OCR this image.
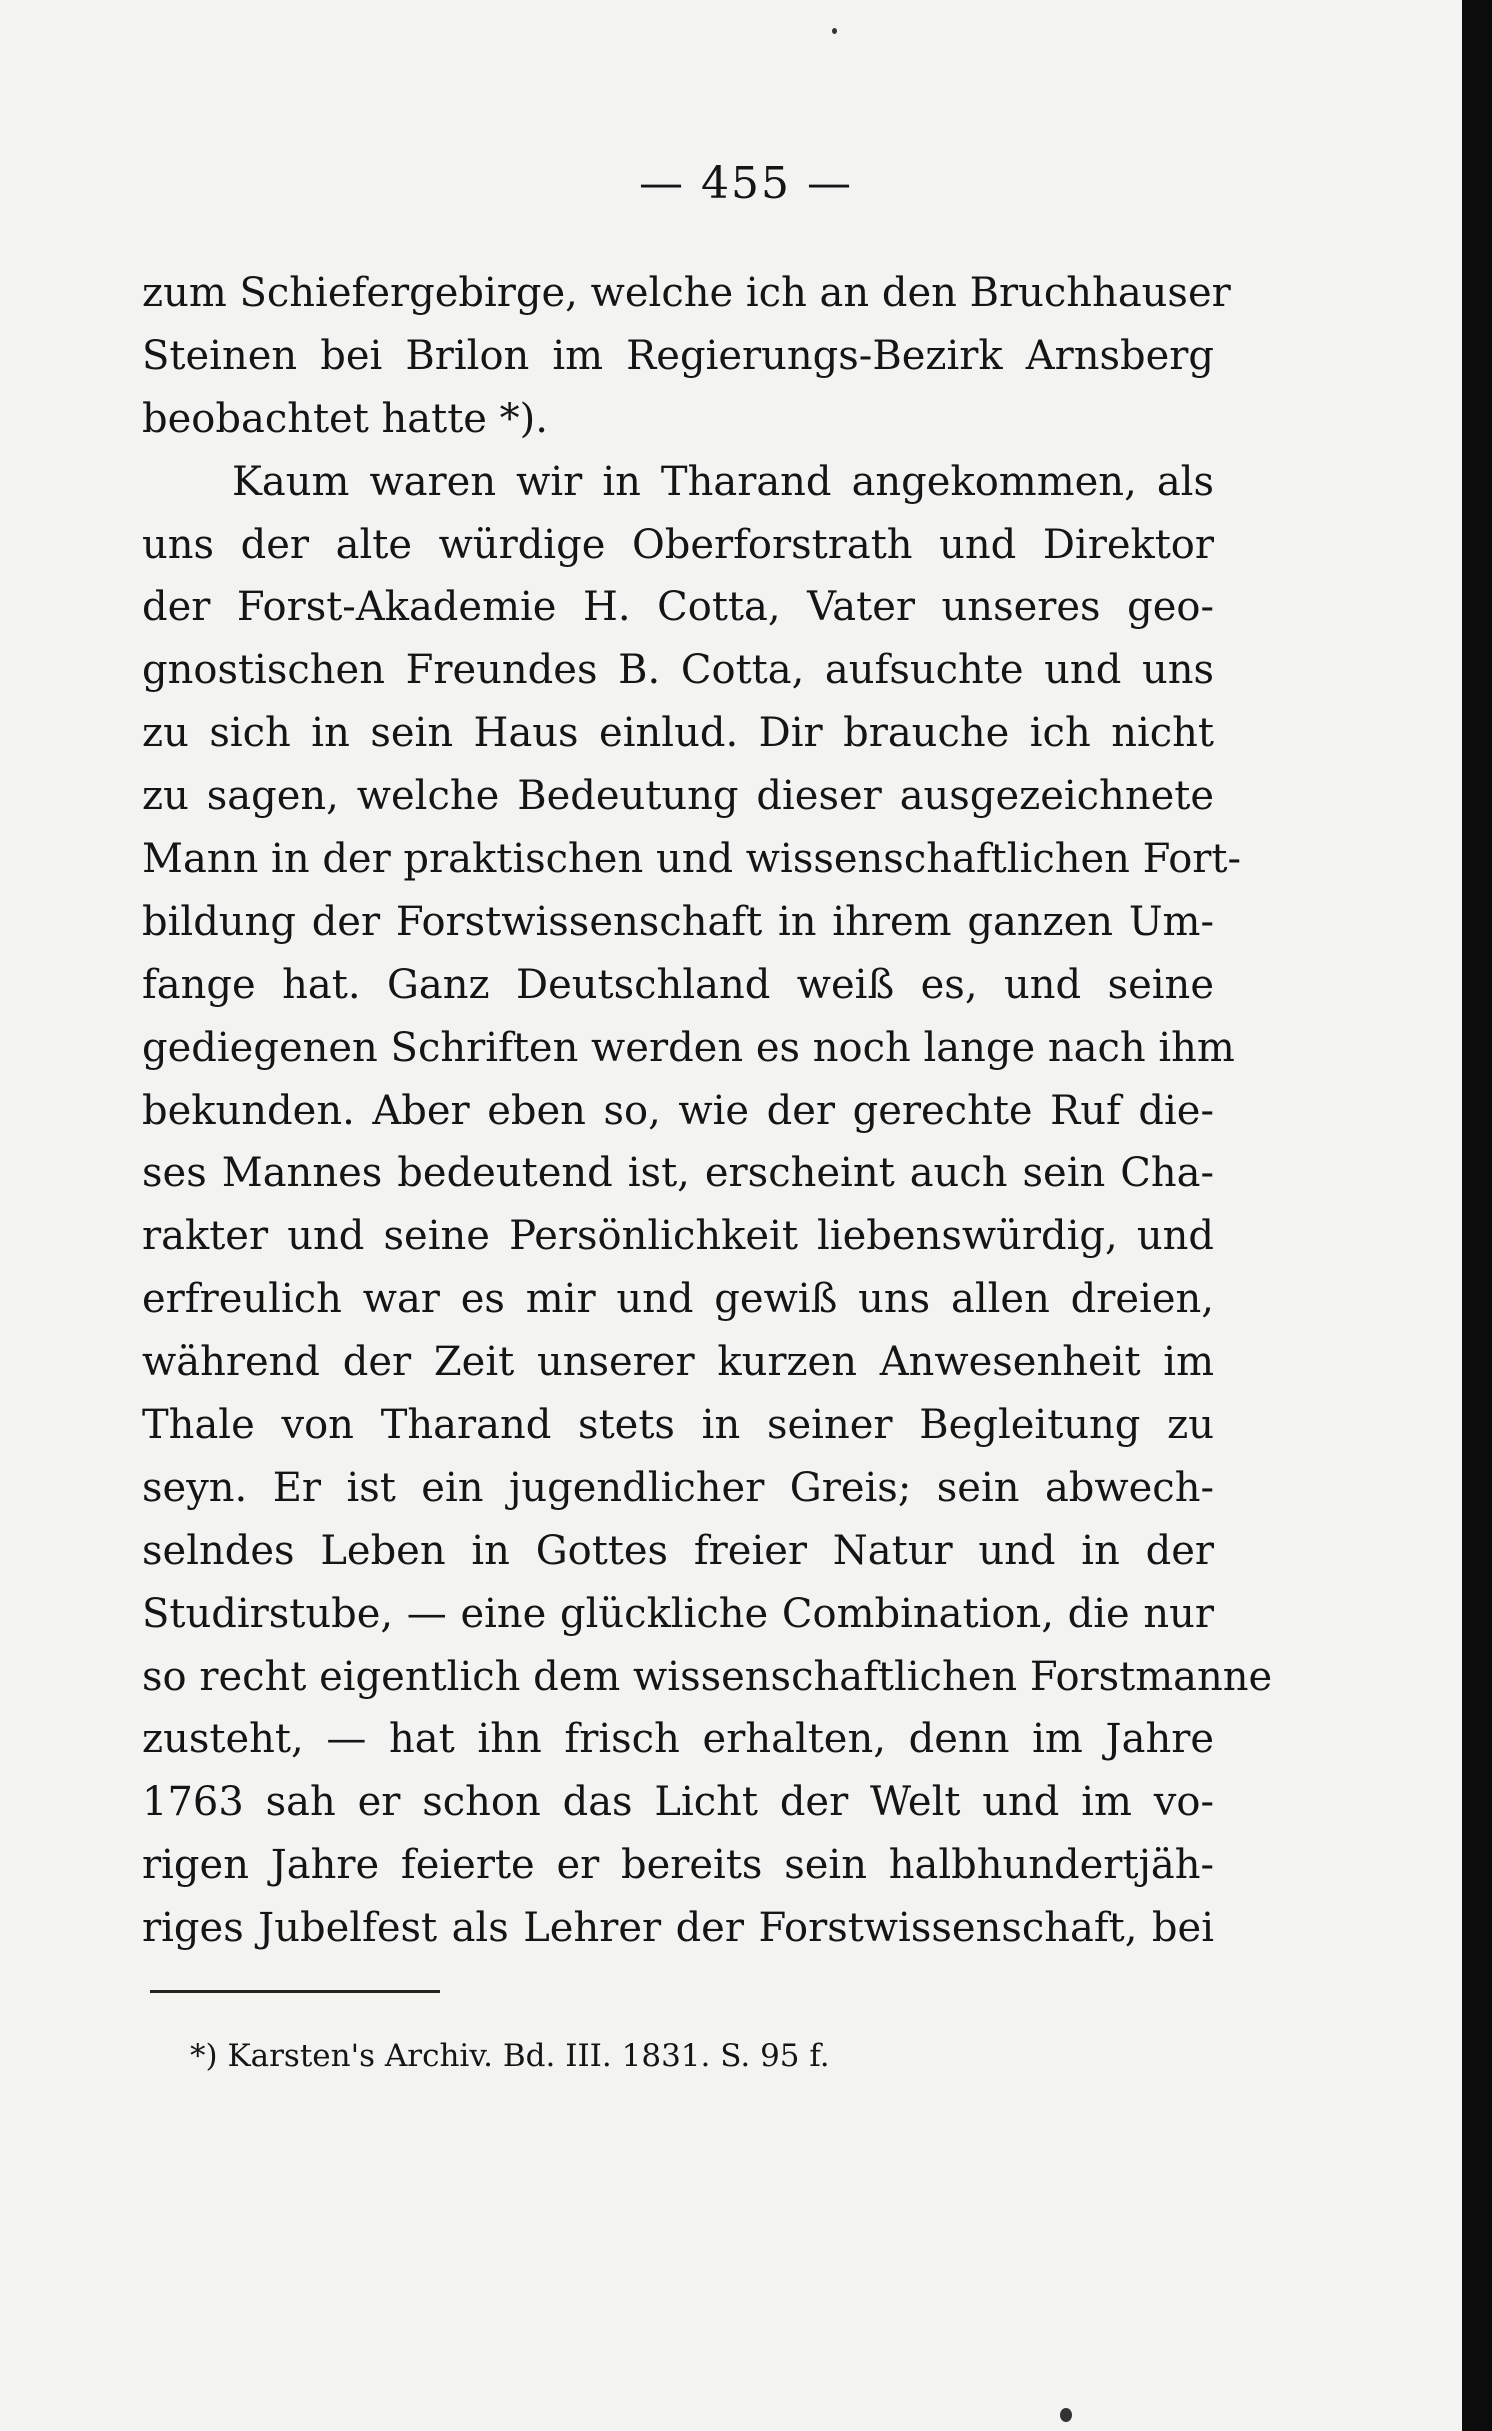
— 455 —
zum Schiefergebirge, welche ich an den Bruchhauser
Steinen bei Brilon im Regierungs-Bezirk Arnsberg
beobachtet hatte *).
Kaum waren wir in Tharand angekommen, als
uns der alte würdige Oberforstrath und Direktor
der Forst-Akademie H. Cotta, Vater unseres geo-
gnostischen Freundes B. Cotta, aufsuchte und uns
zu sich in sein Haus einlud. Dir brauche ich nicht
zu sagen, welche Bedeutung dieser ausgezeichnete
Mann in der praktischen und wissenschaftlichen Fort-
bildung der Forstwissenschaft in ihrem ganzen Um-
fange hat. Ganz Deutschland weiß es, und seine
gediegenen Schriften werden es noch lange nach ihm
bekunden. Aber eben so, wie der gerechte Ruf die-
ses Mannes bedeutend ist, erscheint auch sein Cha-
rakter und seine Persönlichkeit liebenswürdig, und
erfreulich war es mir und gewiß uns allen dreien,
während der Zeit unserer kurzen Anwesenheit im
Thale von Tharand stets in seiner Begleitung zu
seyn. Er ist ein jugendlicher Greis; sein abwech-
selndes Leben in Gottes freier Natur und in der
Studirstube, — eine glückliche Combination, die nur
so recht eigentlich dem wissenschaftlichen Forstmanne
zusteht, — hat ihn frisch erhalten, denn im Jahre
1763 sah er schon das Licht der Welt und im vo-
rigen Jahre feierte er bereits sein halbhundertjäh-
riges Jubelfest als Lehrer der Forstwissenschaft, bei
*) Karsten's Archiv. Bd. III. 1831. S. 95 f.
